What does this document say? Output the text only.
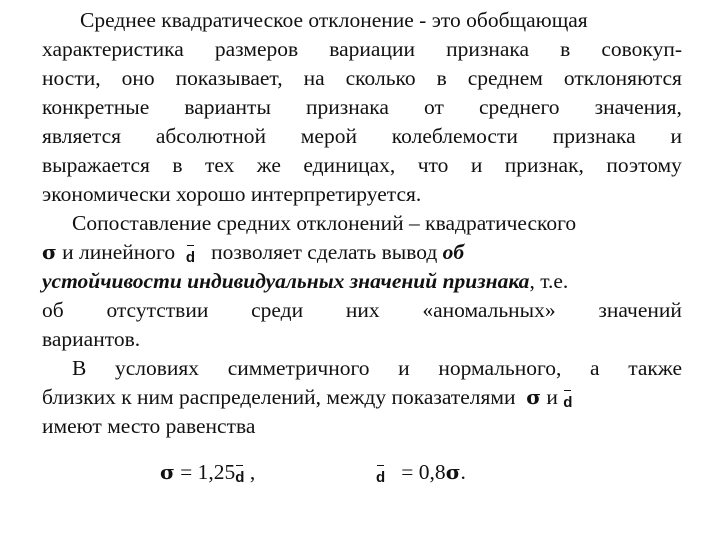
Среднее квадратическое отклонение - это обобщающая
характеристика размеров вариации признака в совокуп-
ности, оно показывает, на сколько в среднем отклоняются
конкретные варианты признака от среднего значения,
является абсолютной мерой колеблемости признака и
выражается в тех же единицах, что и признак, поэтому
экономически хорошо интерпретируется.
Сопоставление средних отклонений – квадратического
σ и линейного d позволяет сделать вывод об
устойчивости индивидуальных значений признака, т.е.
об отсутствии среди них «аномальных» значений
вариантов.
В условиях симметричного и нормального, а также
близких к ним распределений, между показателями σ и d
имеют место равенства
σ = 1,25d ,	d = 0,8σ.
